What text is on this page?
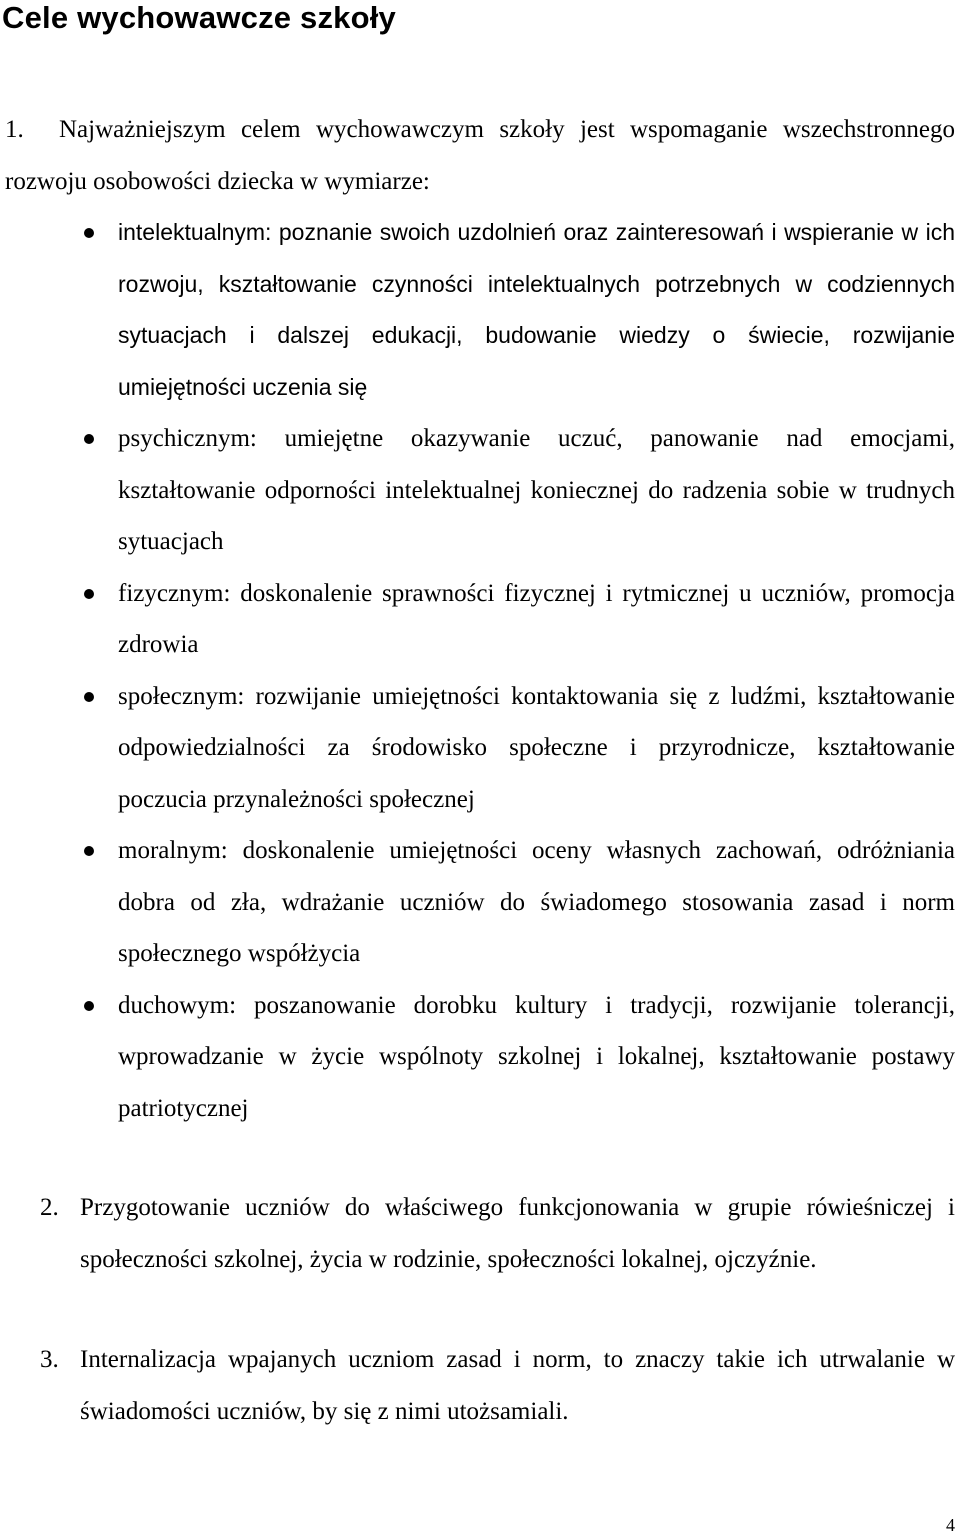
Cele wychowawcze szkoły

1. Najważniejszym celem wychowawczym szkoły jest wspomaganie wszechstronnego rozwoju osobowości dziecka w wymiarze:

intelektualnym: poznanie swoich uzdolnień oraz zainteresowań i wspieranie w ich rozwoju, kształtowanie czynności intelektualnych potrzebnych w codziennych sytuacjach i dalszej edukacji, budowanie wiedzy o świecie, rozwijanie umiejętności uczenia się
psychicznym: umiejętne okazywanie uczuć, panowanie nad emocjami, kształtowanie odporności intelektualnej koniecznej do radzenia sobie w trudnych sytuacjach
fizycznym: doskonalenie sprawności fizycznej i rytmicznej u uczniów, promocja zdrowia
społecznym: rozwijanie umiejętności kontaktowania się z ludźmi, kształtowanie odpowiedzialności za środowisko społeczne i przyrodnicze, kształtowanie poczucia przynależności społecznej
moralnym: doskonalenie umiejętności oceny własnych zachowań, odróżniania dobra od zła, wdrażanie uczniów do świadomego stosowania zasad i norm społecznego współżycia
duchowym: poszanowanie dorobku kultury i tradycji, rozwijanie tolerancji, wprowadzanie w życie wspólnoty szkolnej i lokalnej, kształtowanie postawy patriotycznej

2. Przygotowanie uczniów do właściwego funkcjonowania w grupie rówieśniczej i społeczności szkolnej, życia w rodzinie, społeczności lokalnej, ojczyźnie.

3. Internalizacja wpajanych uczniom zasad i norm, to znaczy takie ich utrwalanie w świadomości uczniów, by się z nimi utożsamiali.

4
